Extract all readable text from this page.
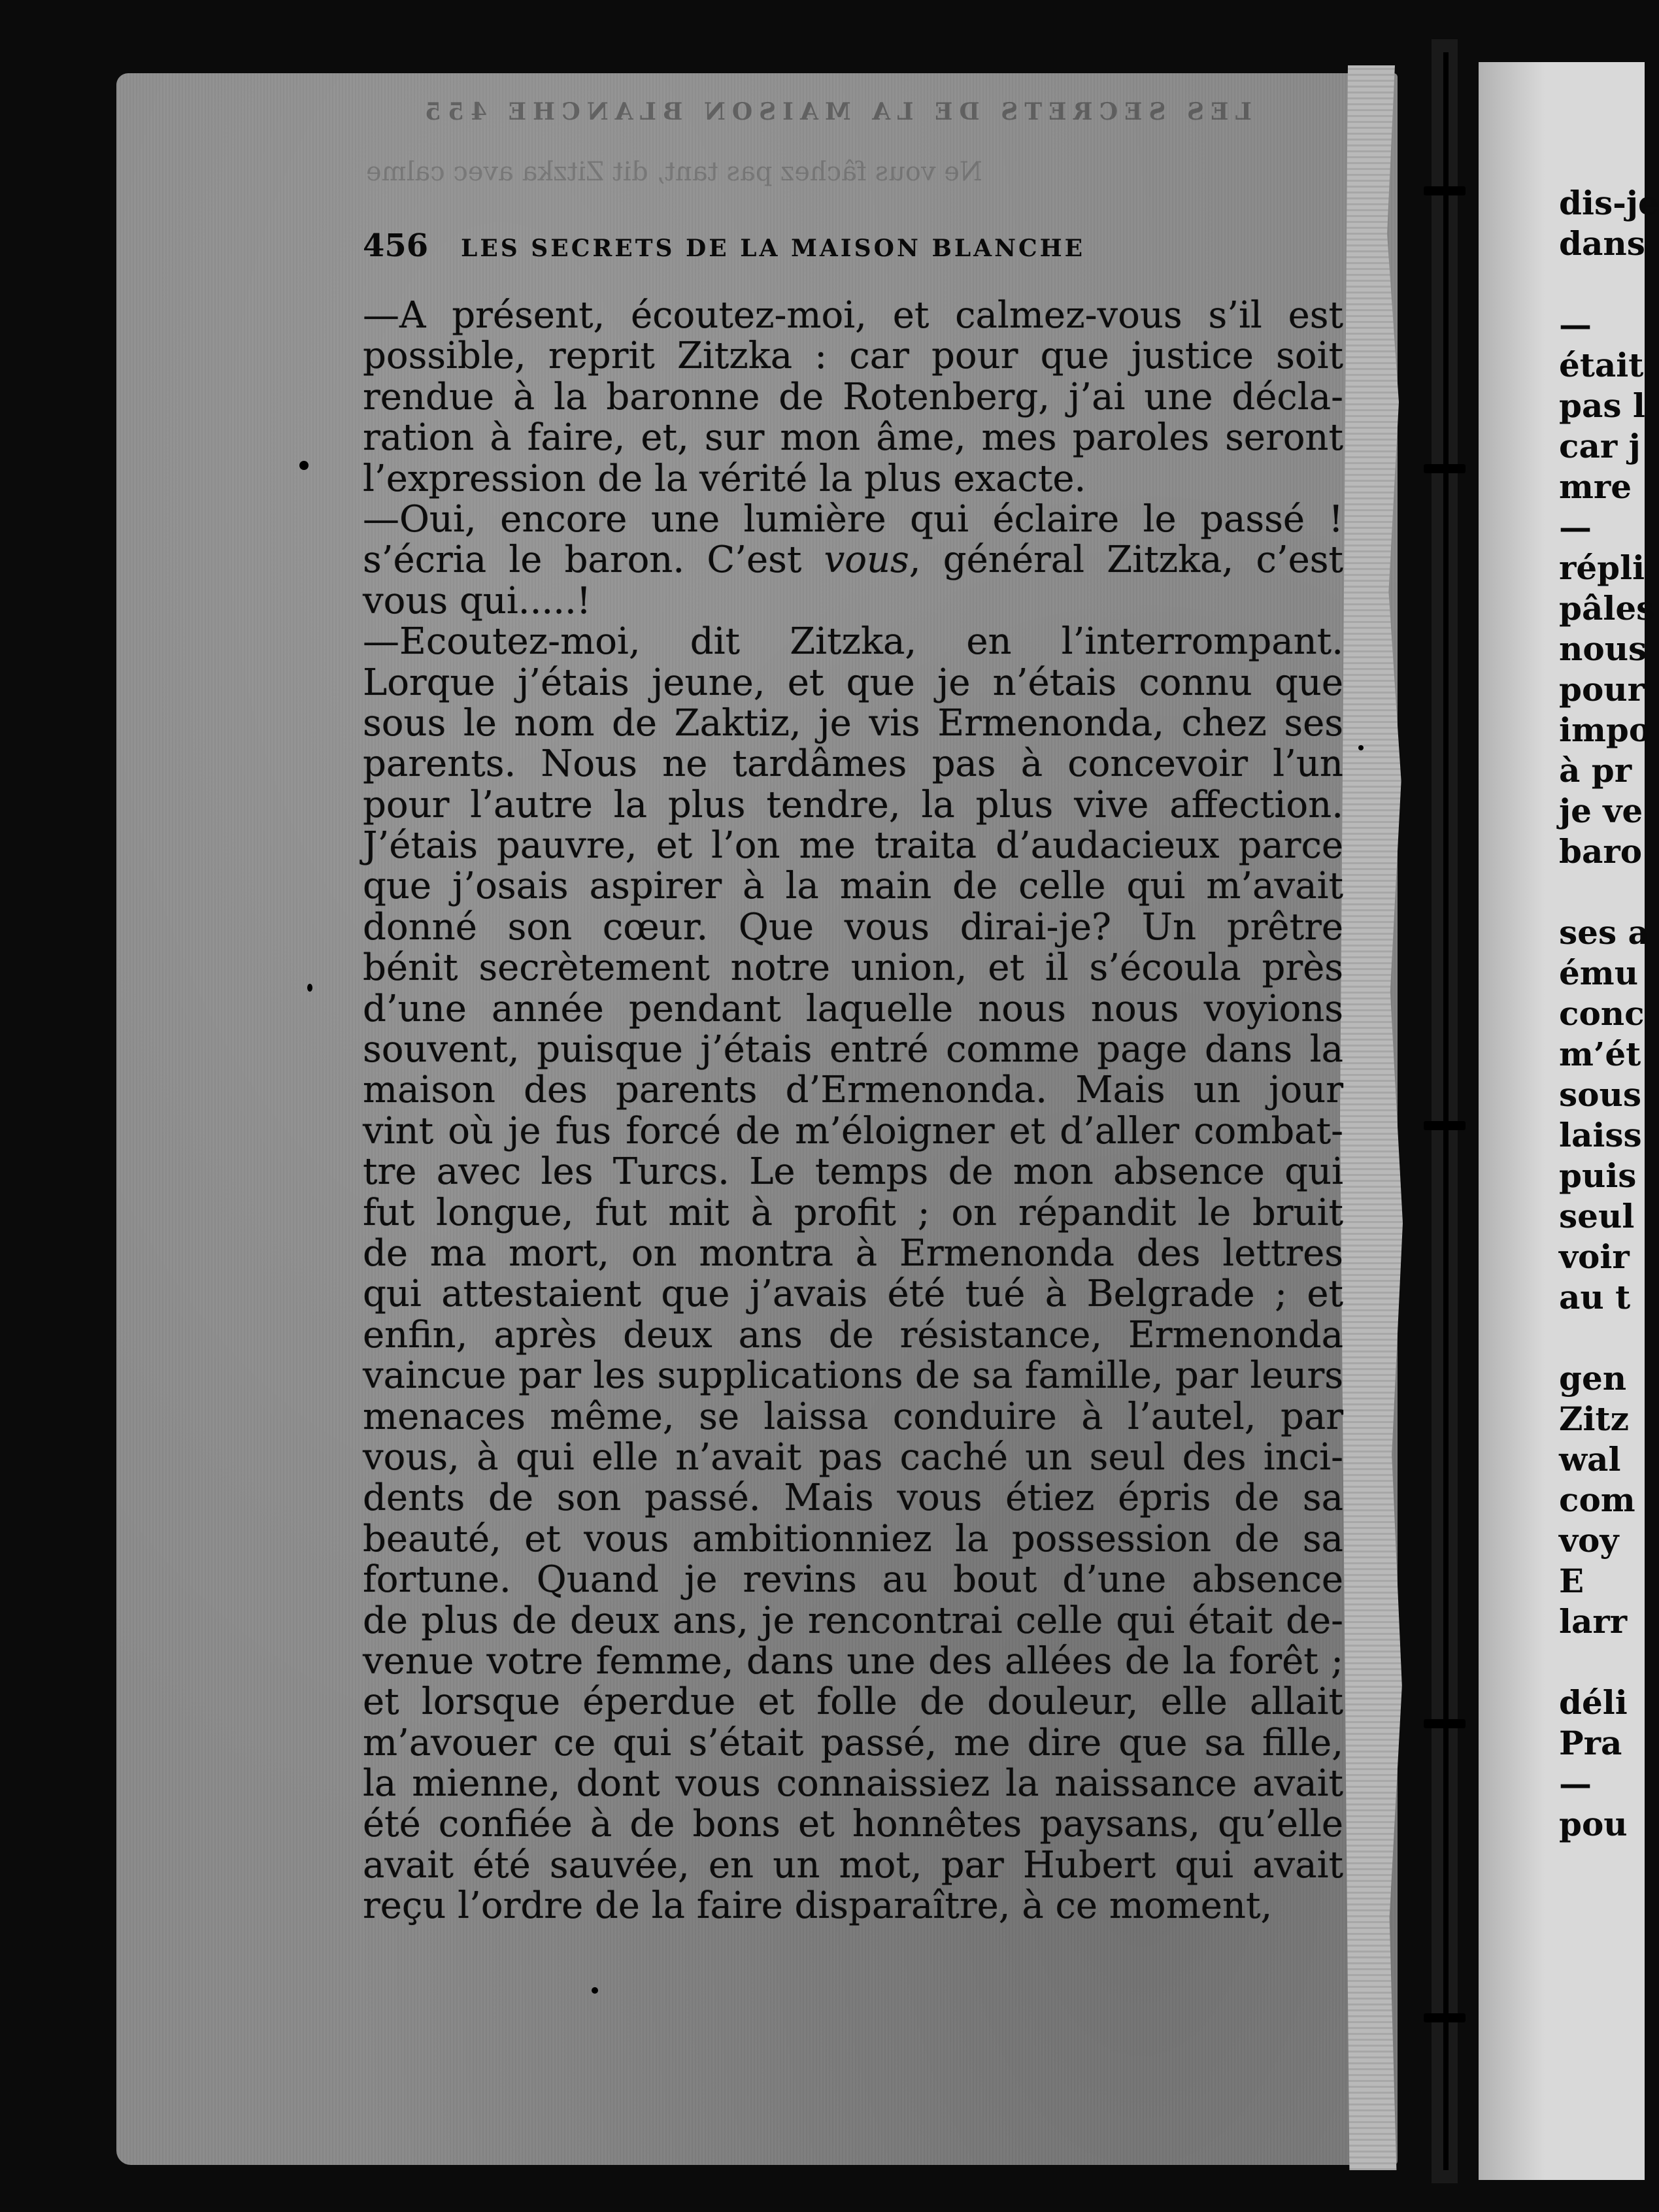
LES SECRETS DE LA MAISON BLANCHE 455
Ne vous fâchez pas tant, dit Zitzka avec calme
456	LES SECRETS DE LA MAISON BLANCHE
—A présent, écoutez-moi, et calmez-vous s’il est
possible, reprit Zitzka : car pour que justice soit
rendue à la baronne de Rotenberg, j’ai une décla-
ration à faire, et, sur mon âme, mes paroles seront
l’expression de la vérité la plus exacte.
—Oui, encore une lumière qui éclaire le passé !
s’écria le baron. C’est vous, général Zitzka, c’est
vous qui.....!
—Ecoutez-moi, dit Zitzka, en l’interrompant.
Lorque j’étais jeune, et que je n’étais connu que
sous le nom de Zaktiz, je vis Ermenonda, chez ses
parents. Nous ne tardâmes pas à concevoir l’un
pour l’autre la plus tendre, la plus vive affection.
J’étais pauvre, et l’on me traita d’audacieux parce
que j’osais aspirer à la main de celle qui m’avait
donné son cœur. Que vous dirai-je? Un prêtre
bénit secrètement notre union, et il s’écoula près
d’une année pendant laquelle nous nous voyions
souvent, puisque j’étais entré comme page dans la
maison des parents d’Ermenonda. Mais un jour
vint où je fus forcé de m’éloigner et d’aller combat-
tre avec les Turcs. Le temps de mon absence qui
fut longue, fut mit à profit ; on répandit le bruit
de ma mort, on montra à Ermenonda des lettres
qui attestaient que j’avais été tué à Belgrade ; et
enfin, après deux ans de résistance, Ermenonda
vaincue par les supplications de sa famille, par leurs
menaces même, se laissa conduire à l’autel, par
vous, à qui elle n’avait pas caché un seul des inci-
dents de son passé. Mais vous étiez épris de sa
beauté, et vous ambitionniez la possession de sa
fortune. Quand je revins au bout d’une absence
de plus de deux ans, je rencontrai celle qui était de-
venue votre femme, dans une des allées de la forêt ;
et lorsque éperdue et folle de douleur, elle allait
m’avouer ce qui s’était passé, me dire que sa fille,
la mienne, dont vous connaissiez la naissance avait
été confiée à de bons et honnêtes paysans, qu’elle
avait été sauvée, en un mot, par Hubert qui avait
reçu l’ordre de la faire disparaître, à ce moment,
dis-je
dans
—
était
pas l
car j
mre
—
répli
pâles
nous
pour
impo
à pr
je ve
baro
ses a
ému
conc
m’ét
sous
laiss
puis
seul
voir
au t
gen
Zitz
wal
com
voy
E
larr
déli
Pra
—
pou
